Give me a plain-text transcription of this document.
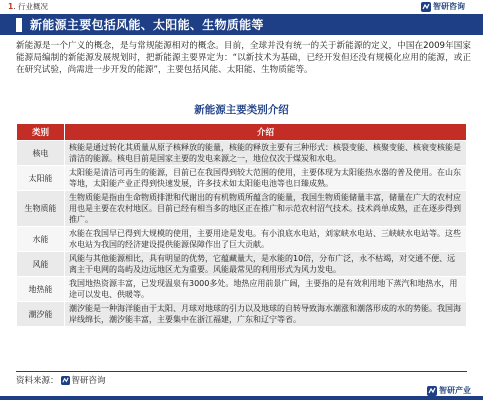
1. 行业概况	智研咨询
新能源主要包括风能、太阳能、生物质能等

新能源是一个广义的概念，是与常规能源相对的概念。目前，全球并没有统一的关于新能源的定义，中国在2009年国家能源局编制的新能源发展规划时，把新能源主要界定为：“以新技术为基础，已经开发但还没有规模化应用的能源，或正在研究试验，尚需进一步开发的能源”，主要包括风能、太阳能、生物质能等。

新能源主要类别介绍
类别	介绍
核电	核能是通过转化其质量从原子核释放的能量，核能的释放主要有三种形式：核裂变能、核聚变能、核衰变核能是清洁的能源。核电目前是国家主要的发电来源之一，地位仅次于煤炭和水电。
太阳能	太阳能是清洁可再生的能源，目前已在我国得到较大范围的使用，主要体现为太阳能热水器的普及使用。在山东等地，太阳能产业正得到快速发展，许多技术如太阳能电池等也日臻成熟。
生物质能	生物质能是指由生命物质排泄和代谢出的有机物质所蕴含的能量，我国生物质能储量丰富，储量在广大的农村应用也是主要在农村地区。目前已经有相当多的地区正在推广和示范农村沼气技术。技术尚单成熟，正在逐步得到推广。
水能	水能在我国早已得到大规模的使用，主要用途是发电。有小浪底水电站，刘家峡水电站、三峡峡水电站等。这些水电站为我国的经济建设提供能源保障作出了巨大贡献。
风能	风能与其他能源相比，具有明显的优势，它蕴藏量大，是水能的10倍，分布广泛，永不枯竭，对交通不便、远离主干电网的岛屿及边远地区尤为重要。风能最常见的利用形式为风力发电。
地热能	我国地热资源丰富，已发现温泉有3000多处。地热应用前景广阔，主要指的是有效利用地下蒸汽和地热水，用途可以发电、供暖等。
潮汐能	潮汐能是一种海洋能由于太阳、月球对地球的引力以及地球的自转导致海水潮涨和潮落形成的水的势能。我国海岸线绵长，潮汐能丰富，主要集中在浙江福建，广东和辽宁等省。
资料来源： 智研咨询
智研产业
